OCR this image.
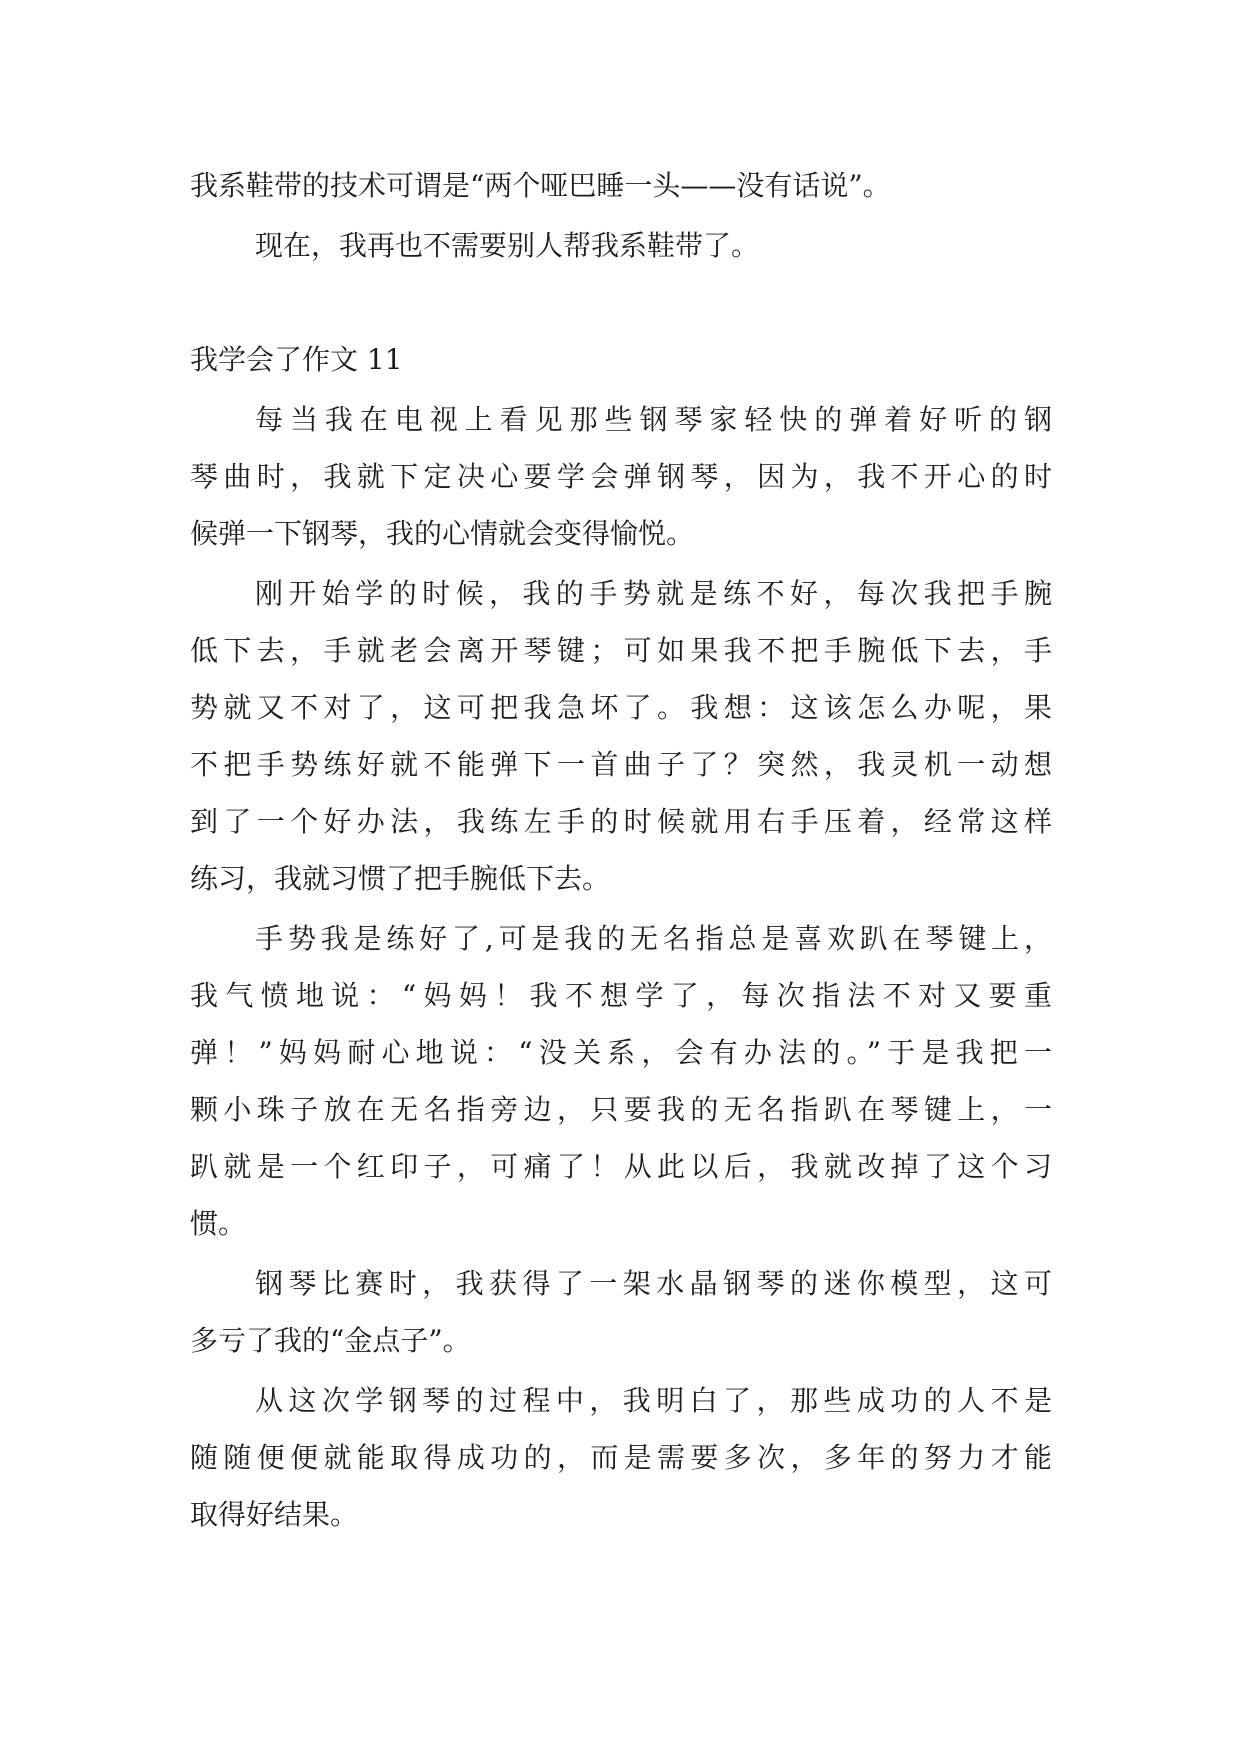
我系鞋带的技术可谓是“两个哑巴睡一头——没有话说”。
现在，我再也不需要别人帮我系鞋带了。
我学会了作文 11
每当我在电视上看见那些钢琴家轻快的弹着好听的钢
琴曲时，我就下定决心要学会弹钢琴，因为，我不开心的时
候弹一下钢琴，我的心情就会变得愉悦。
刚开始学的时候，我的手势就是练不好，每次我把手腕
低下去，手就老会离开琴键；可如果我不把手腕低下去，手
势就又不对了，这可把我急坏了。我想：这该怎么办呢，果
不把手势练好就不能弹下一首曲子了？突然，我灵机一动想
到了一个好办法，我练左手的时候就用右手压着，经常这样
练习，我就习惯了把手腕低下去。
手势我是练好了,可是我的无名指总是喜欢趴在琴键上，
我气愤地说：“妈妈！我不想学了，每次指法不对又要重
弹！”妈妈耐心地说：“没关系，会有办法的。”于是我把一
颗小珠子放在无名指旁边，只要我的无名指趴在琴键上，一
趴就是一个红印子，可痛了！从此以后，我就改掉了这个习
惯。
钢琴比赛时，我获得了一架水晶钢琴的迷你模型，这可
多亏了我的“金点子”。
从这次学钢琴的过程中，我明白了，那些成功的人不是
随随便便就能取得成功的，而是需要多次，多年的努力才能
取得好结果。
